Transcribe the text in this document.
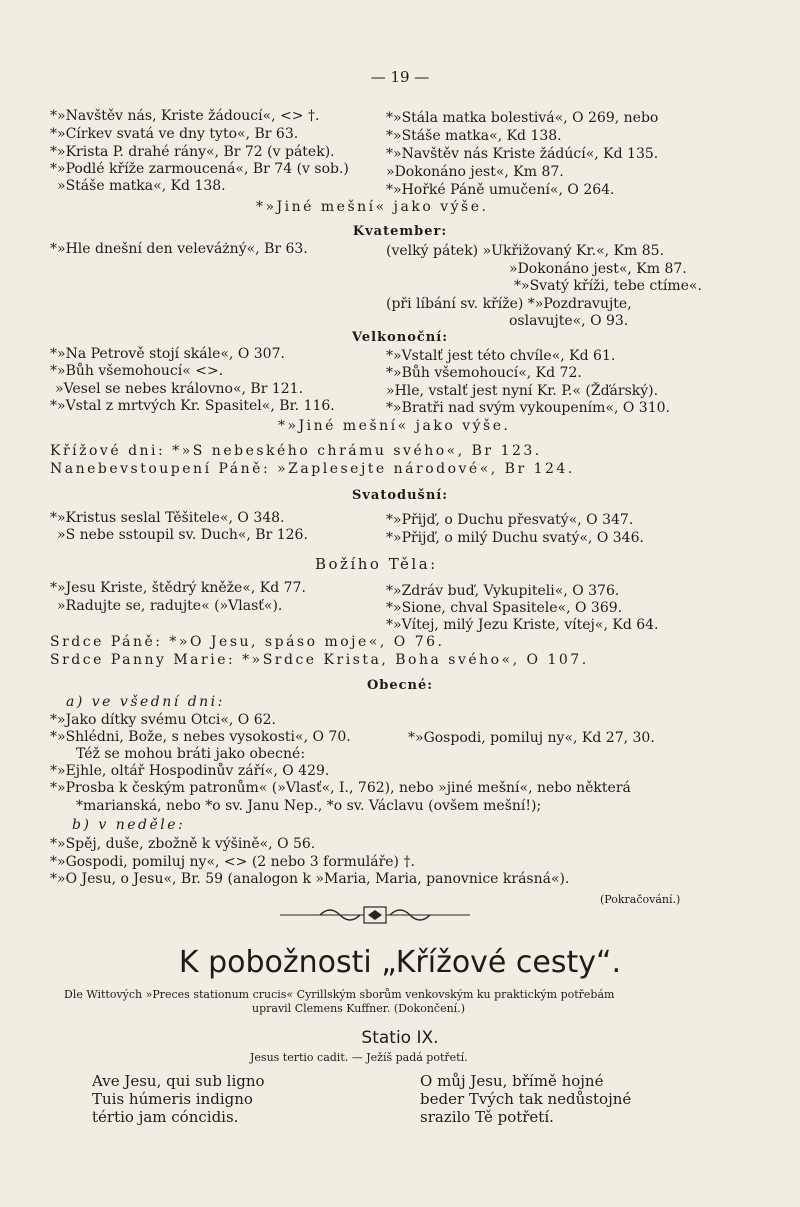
— 19 —
*»Navštěv nás, Kriste žádoucí«, <> †.	*»Stála matka bolestivá«, O 269, nebo
*»Církev svatá ve dny tyto«, Br 63.	*»Stáše matka«, Kd 138.
*»Krista P. drahé rány«, Br 72 (v pátek).	*»Navštěv nás Kriste žádúcí«, Kd 135.
*»Podlé kříže zarmoucená«, Br 74 (v sob.)	»Dokonáno jest«, Km 87.
»Stáše matka«, Kd 138.	*»Hořké Páně umučení«, O 264.
*»Jiné mešní« jako výše.
Kvatember:
*»Hle dnešní den veleváżný«, Br 63.	(velký pátek) »Ukřižovaný Kr.«, Km 85.
»Dokonáno jest«, Km 87.
*»Svatý kříži, tebe ctíme«.
(při líbání sv. kříže) *»Pozdravujte,
oslavujte«, O 93.
Velkonoční:
*»Na Petrově stojí skále«, O 307.	*»Vstalť jest této chvíle«, Kd 61.
*»Bůh všemohoucí« <>.	*»Bůh všemohoucí«, Kd 72.
»Vesel se nebes královno«, Br 121.	»Hle, vstalť jest nyní Kr. P.« (Žďárský).
*»Vstal z mrtvých Kr. Spasitel«, Br. 116.	*»Bratři nad svým vykoupením«, O 310.
*»Jiné mešní« jako výše.
Křížové dni: *»S nebeského chrámu svého«, Br 123.
Nanebevstoupení Páně: »Zaplesejte národové«, Br 124.
Svatodušní:
*»Kristus seslal Těšitele«, O 348.	*»Přijď, o Duchu přesvatý«, O 347.
»S nebe sstoupil sv. Duch«, Br 126.	*»Přijď, o milý Duchu svatý«, O 346.
Božího Těla:
*»Jesu Kriste, štědrý kněže«, Kd 77.	*»Zdráv buď, Vykupiteli«, O 376.
»Radujte se, radujte« (»Vlasť«).	*»Sione, chval Spasitele«, O 369.
*»Vítej, milý Jezu Kriste, vítej«, Kd 64.
Srdce Páně: *»O Jesu, spáso moje«, O 76.
Srdce Panny Marie: *»Srdce Krista, Boha svého«, O 107.
Obecné:
a) ve všední dni:
*»Jako dítky svému Otci«, O 62.
*»Shlédni, Bože, s nebes vysokosti«, O 70.	*»Gospodi, pomiluj ny«, Kd 27, 30.
Též se mohou bráti jako obecné:
*»Ejhle, oltář Hospodinův září«, O 429.
*»Prosba k českým patronům« (»Vlasť«, I., 762), nebo »jiné mešní«, nebo některá
*marianská, nebo *o sv. Janu Nep., *o sv. Václavu (ovšem mešní!);
b) v neděle:
*»Spěj, duše, zbožně k výšině«, O 56.
*»Gospodi, pomiluj ny«, <> (2 nebo 3 formuláře) †.
*»O Jesu, o Jesu«, Br. 59 (analogon k »Maria, Maria, panovnice krásná«).
(Pokračování.)
K pobožnosti „Křížové cesty“.
Dle Wittových »Preces stationum crucis« Cyrillským sborům venkovským ku praktickým potřebám
upravil Clemens Kuffner. (Dokončení.)
Statio IX.
Jesus tertio cadit. — Ježíš padá potřetí.
Ave Jesu, qui sub ligno
Tuis húmeris indigno
tértio jam cóncidis.
O můj Jesu, břímě hojné
beder Tvých tak nedůstojné
srazilo Tě potřetí.
